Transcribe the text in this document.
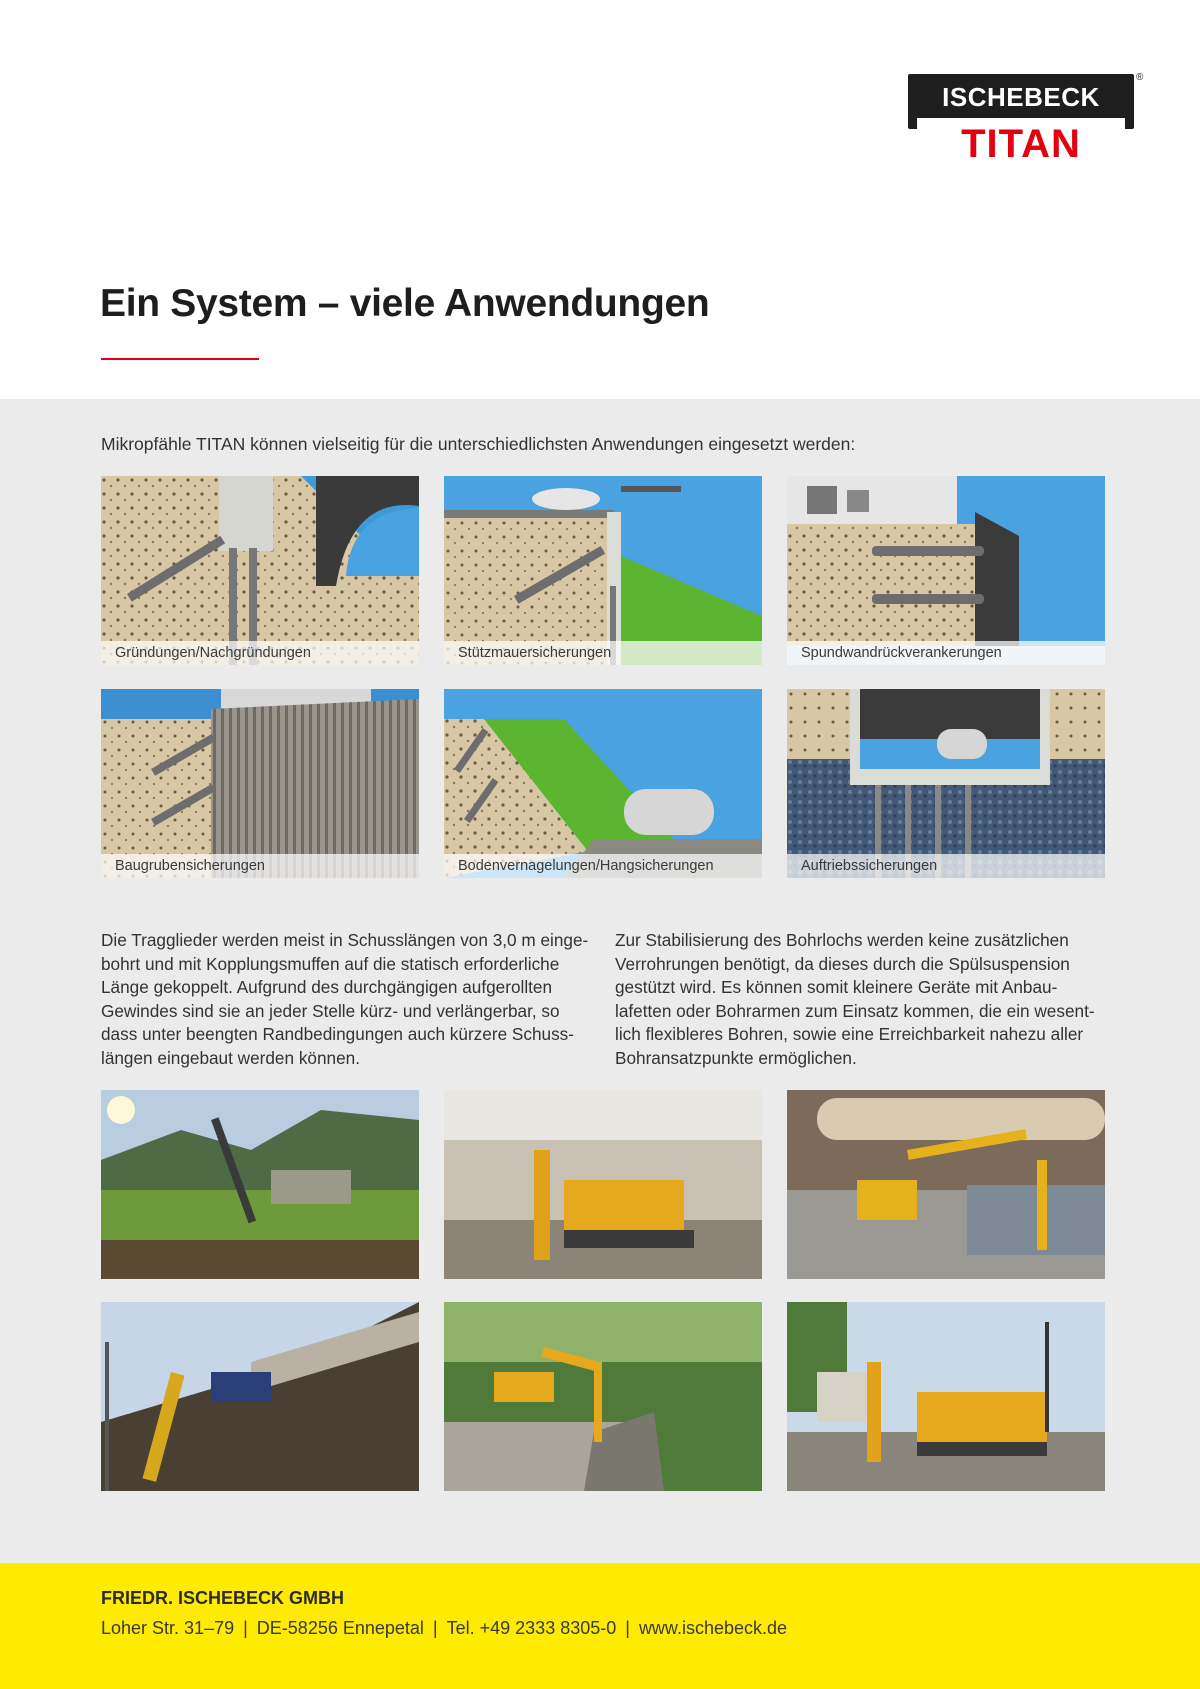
ISCHEBECK
TITAN
®
Ein System – viele Anwendungen
Mikropfähle TITAN können vielseitig für die unterschiedlichsten Anwendungen eingesetzt werden:
Gründungen/Nachgründungen	Stützmauersicherungen	Spundwandrückverankerungen
Baugrubensicherungen	Bodenvernagelungen/Hangsicherungen	Auftriebssicherungen
Die Tragglieder werden meist in Schusslängen von 3,0 m einge-bohrt und mit Kopplungsmuffen auf die statisch erforderliche Länge gekoppelt. Aufgrund des durchgängigen aufgerollten Gewindes sind sie an jeder Stelle kürz- und verlängerbar, so dass unter beengten Randbedingungen auch kürzere Schuss-längen eingebaut werden können.
Zur Stabilisierung des Bohrlochs werden keine zusätzlichen Verrohrungen benötigt, da dieses durch die Spülsuspension gestützt wird. Es können somit kleinere Geräte mit Anbau-lafetten oder Bohrarmen zum Einsatz kommen, die ein wesent-lich flexibleres Bohren, sowie eine Erreichbarkeit nahezu aller Bohransatzpunkte ermöglichen.
FRIEDR. ISCHEBECK GMBH
Loher Str. 31–79 | DE-58256 Ennepetal | Tel. +49 2333 8305-0 | www.ischebeck.de
